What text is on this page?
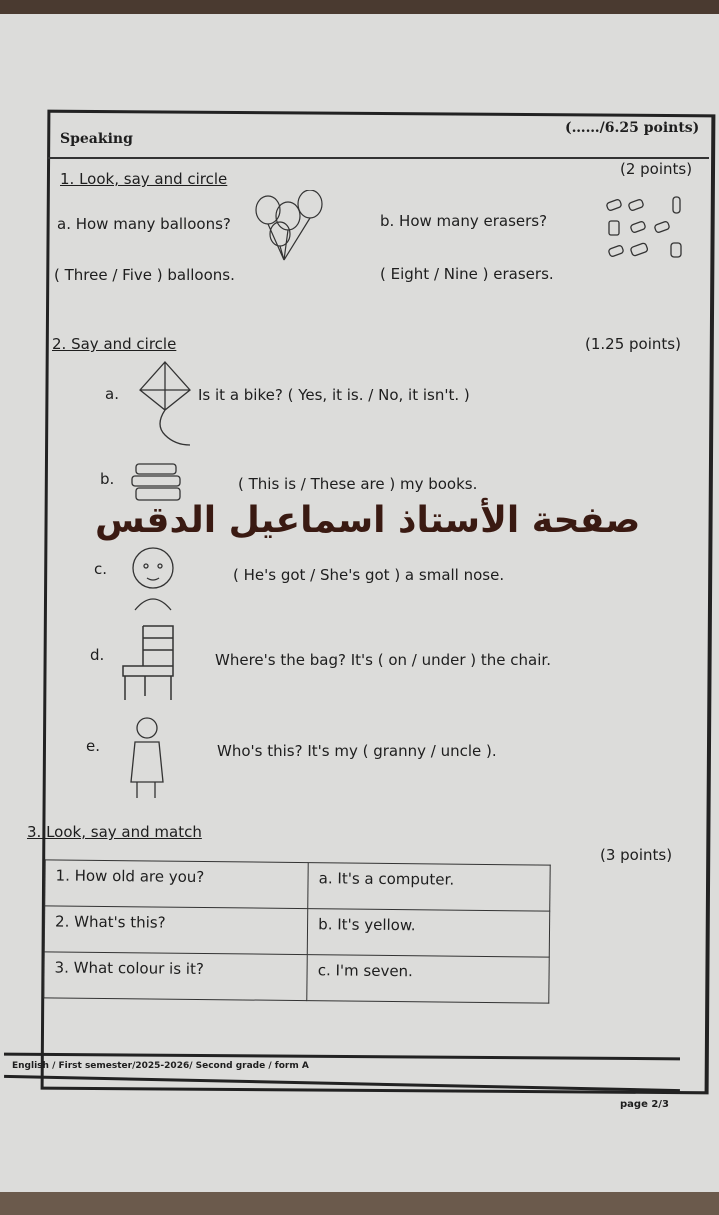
Speaking
(……/6.25 points)
1. Look, say and circle
(2 points)
a. How many balloons?	b. How many erasers?
( Three / Five ) balloons.	( Eight / Nine ) erasers.
2. Say and circle	(1.25 points)
a.	Is it a bike? ( Yes, it is. / No, it isn't. )
b.	( This is / These are ) my books.
صفحة الأستاذ اسماعيل الدقس
c.	( He's got / She's got ) a small nose.
d.	Where's the bag? It's ( on / under ) the chair.
e.	Who's this? It's my ( granny / uncle ).
3. Look, say and match
(3 points)
1. How old are you?	a. It's a computer.
2. What's this?	b. It's yellow.
3. What colour is it?	c. I'm seven.
English / First semester/2025-2026/ Second grade / form A
page 2/3
